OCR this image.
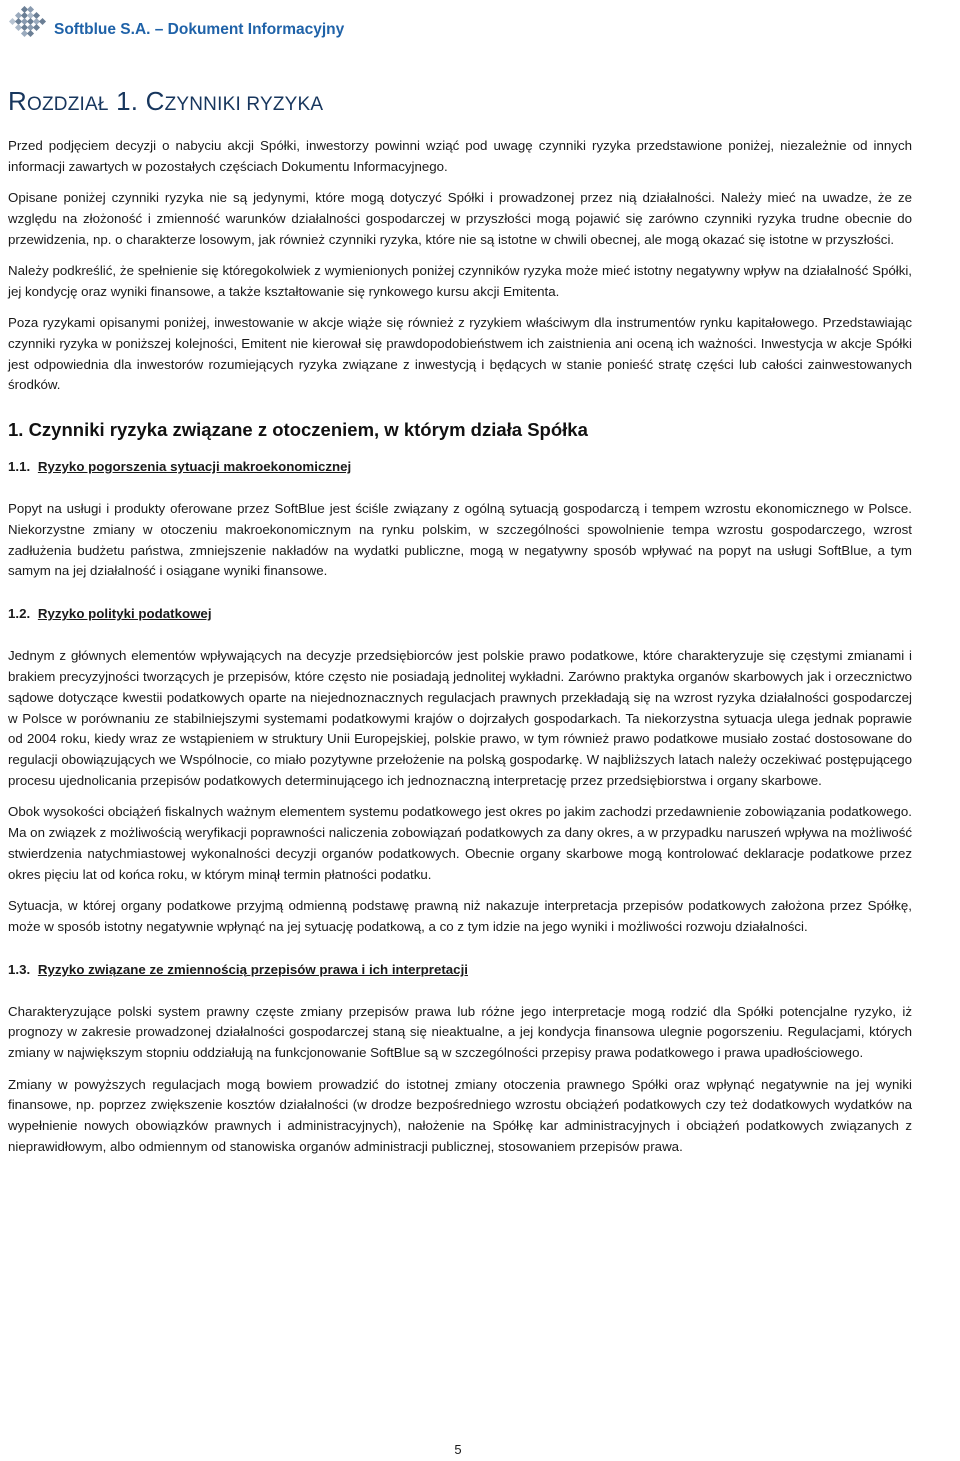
Softblue S.A. – Dokument Informacyjny
ROZDZIAŁ 1. CZYNNIKI RYZYKA

Przed podjęciem decyzji o nabyciu akcji Spółki, inwestorzy powinni wziąć pod uwagę czynniki ryzyka przedstawione poniżej, niezależnie od innych informacji zawartych w pozostałych częściach Dokumentu Informacyjnego.

Opisane poniżej czynniki ryzyka nie są jedynymi, które mogą dotyczyć Spółki i prowadzonej przez nią działalności. Należy mieć na uwadze, że ze względu na złożoność i zmienność warunków działalności gospodarczej w przyszłości mogą pojawić się zarówno czynniki ryzyka trudne obecnie do przewidzenia, np. o charakterze losowym, jak również czynniki ryzyka, które nie są istotne w chwili obecnej, ale mogą okazać się istotne w przyszłości.

Należy podkreślić, że spełnienie się któregokolwiek z wymienionych poniżej czynników ryzyka może mieć istotny negatywny wpływ na działalność Spółki, jej kondycję oraz wyniki finansowe, a także kształtowanie się rynkowego kursu akcji Emitenta.

Poza ryzykami opisanymi poniżej, inwestowanie w akcje wiąże się również z ryzykiem właściwym dla instrumentów rynku kapitałowego. Przedstawiając czynniki ryzyka w poniższej kolejności, Emitent nie kierował się prawdopodobieństwem ich zaistnienia ani oceną ich ważności. Inwestycja w akcje Spółki jest odpowiednia dla inwestorów rozumiejących ryzyka związane z inwestycją i będących w stanie ponieść stratę części lub całości zainwestowanych środków.

1. Czynniki ryzyka związane z otoczeniem, w którym działa Spółka
1.1. Ryzyko pogorszenia sytuacji makroekonomicznej

Popyt na usługi i produkty oferowane przez SoftBlue jest ściśle związany z ogólną sytuacją gospodarczą i tempem wzrostu ekonomicznego w Polsce. Niekorzystne zmiany w otoczeniu makroekonomicznym na rynku polskim, w szczególności spowolnienie tempa wzrostu gospodarczego, wzrost zadłużenia budżetu państwa, zmniejszenie nakładów na wydatki publiczne, mogą w negatywny sposób wpływać na popyt na usługi SoftBlue, a tym samym na jej działalność i osiągane wyniki finansowe.

1.2. Ryzyko polityki podatkowej

Jednym z głównych elementów wpływających na decyzje przedsiębiorców jest polskie prawo podatkowe, które charakteryzuje się częstymi zmianami i brakiem precyzyjności tworzących je przepisów, które często nie posiadają jednolitej wykładni. Zarówno praktyka organów skarbowych jak i orzecznictwo sądowe dotyczące kwestii podatkowych oparte na niejednoznacznych regulacjach prawnych przekładają się na wzrost ryzyka działalności gospodarczej w Polsce w porównaniu ze stabilniejszymi systemami podatkowymi krajów o dojrzałych gospodarkach. Ta niekorzystna sytuacja ulega jednak poprawie od 2004 roku, kiedy wraz ze wstąpieniem w struktury Unii Europejskiej, polskie prawo, w tym również prawo podatkowe musiało zostać dostosowane do regulacji obowiązujących we Wspólnocie, co miało pozytywne przełożenie na polską gospodarkę. W najbliższych latach należy oczekiwać postępującego procesu ujednolicania przepisów podatkowych determinującego ich jednoznaczną interpretację przez przedsiębiorstwa i organy skarbowe.

Obok wysokości obciążeń fiskalnych ważnym elementem systemu podatkowego jest okres po jakim zachodzi przedawnienie zobowiązania podatkowego. Ma on związek z możliwością weryfikacji poprawności naliczenia zobowiązań podatkowych za dany okres, a w przypadku naruszeń wpływa na możliwość stwierdzenia natychmiastowej wykonalności decyzji organów podatkowych. Obecnie organy skarbowe mogą kontrolować deklaracje podatkowe przez okres pięciu lat od końca roku, w którym minął termin płatności podatku.

Sytuacja, w której organy podatkowe przyjmą odmienną podstawę prawną niż nakazuje interpretacja przepisów podatkowych założona przez Spółkę, może w sposób istotny negatywnie wpłynąć na jej sytuację podatkową, a co z tym idzie na jego wyniki i możliwości rozwoju działalności.

1.3. Ryzyko związane ze zmiennością przepisów prawa i ich interpretacji

Charakteryzujące polski system prawny częste zmiany przepisów prawa lub różne jego interpretacje mogą rodzić dla Spółki potencjalne ryzyko, iż prognozy w zakresie prowadzonej działalności gospodarczej staną się nieaktualne, a jej kondycja finansowa ulegnie pogorszeniu. Regulacjami, których zmiany w największym stopniu oddziałują na funkcjonowanie SoftBlue są w szczególności przepisy prawa podatkowego i prawa upadłościowego.

Zmiany w powyższych regulacjach mogą bowiem prowadzić do istotnej zmiany otoczenia prawnego Spółki oraz wpłynąć negatywnie na jej wyniki finansowe, np. poprzez zwiększenie kosztów działalności (w drodze bezpośredniego wzrostu obciążeń podatkowych czy też dodatkowych wydatków na wypełnienie nowych obowiązków prawnych i administracyjnych), nałożenie na Spółkę kar administracyjnych i obciążeń podatkowych związanych z nieprawidłowym, albo odmiennym od stanowiska organów administracji publicznej, stosowaniem przepisów prawa.

5
